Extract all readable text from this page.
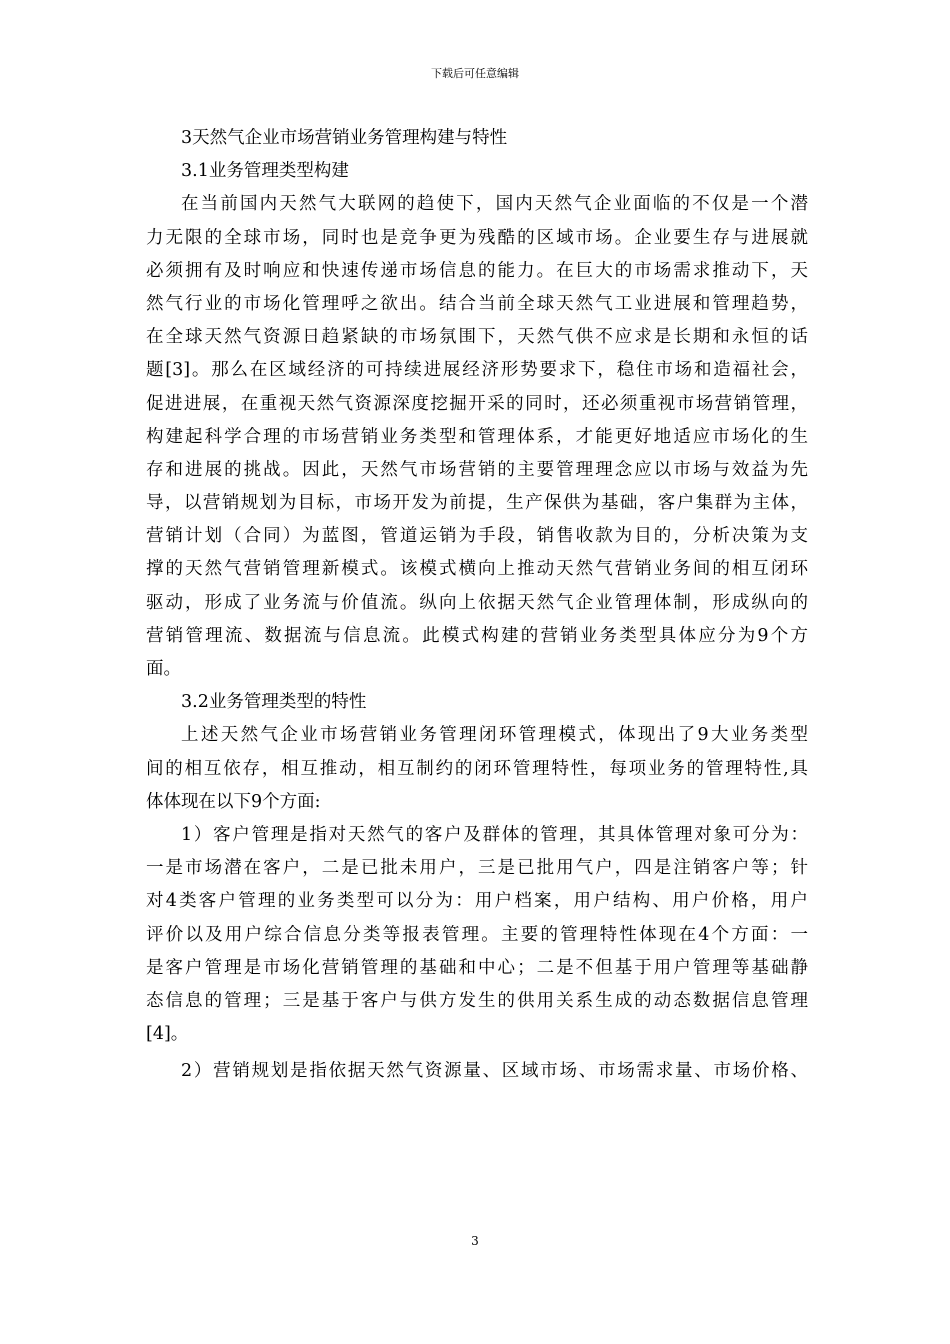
下载后可任意编辑
3天然气企业市场营销业务管理构建与特性
3.1业务管理类型构建
在当前国内天然气大联网的趋使下，国内天然气企业面临的不仅是一个潜
力无限的全球市场，同时也是竞争更为残酷的区域市场。企业要生存与进展就
必须拥有及时响应和快速传递市场信息的能力。在巨大的市场需求推动下，天
然气行业的市场化管理呼之欲出。结合当前全球天然气工业进展和管理趋势，
在全球天然气资源日趋紧缺的市场氛围下，天然气供不应求是长期和永恒的话
题[3]。那么在区域经济的可持续进展经济形势要求下，稳住市场和造福社会，
促进进展，在重视天然气资源深度挖掘开采的同时，还必须重视市场营销管理，
构建起科学合理的市场营销业务类型和管理体系，才能更好地适应市场化的生
存和进展的挑战。因此，天然气市场营销的主要管理理念应以市场与效益为先
导，以营销规划为目标，市场开发为前提，生产保供为基础，客户集群为主体，
营销计划（合同）为蓝图，管道运销为手段，销售收款为目的，分析决策为支
撑的天然气营销管理新模式。该模式横向上推动天然气营销业务间的相互闭环
驱动，形成了业务流与价值流。纵向上依据天然气企业管理体制，形成纵向的
营销管理流、数据流与信息流。此模式构建的营销业务类型具体应分为9个方
面。
3.2业务管理类型的特性
上述天然气企业市场营销业务管理闭环管理模式，体现出了9大业务类型
间的相互依存，相互推动，相互制约的闭环管理特性，每项业务的管理特性,具
体体现在以下9个方面:
1）客户管理是指对天然气的客户及群体的管理，其具体管理对象可分为：
一是市场潜在客户，二是已批未用户，三是已批用气户，四是注销客户等；针
对4类客户管理的业务类型可以分为：用户档案，用户结构、用户价格，用户
评价以及用户综合信息分类等报表管理。主要的管理特性体现在4个方面：一
是客户管理是市场化营销管理的基础和中心；二是不但基于用户管理等基础静
态信息的管理；三是基于客户与供方发生的供用关系生成的动态数据信息管理
[4]。
2）营销规划是指依据天然气资源量、区域市场、市场需求量、市场价格、
3
